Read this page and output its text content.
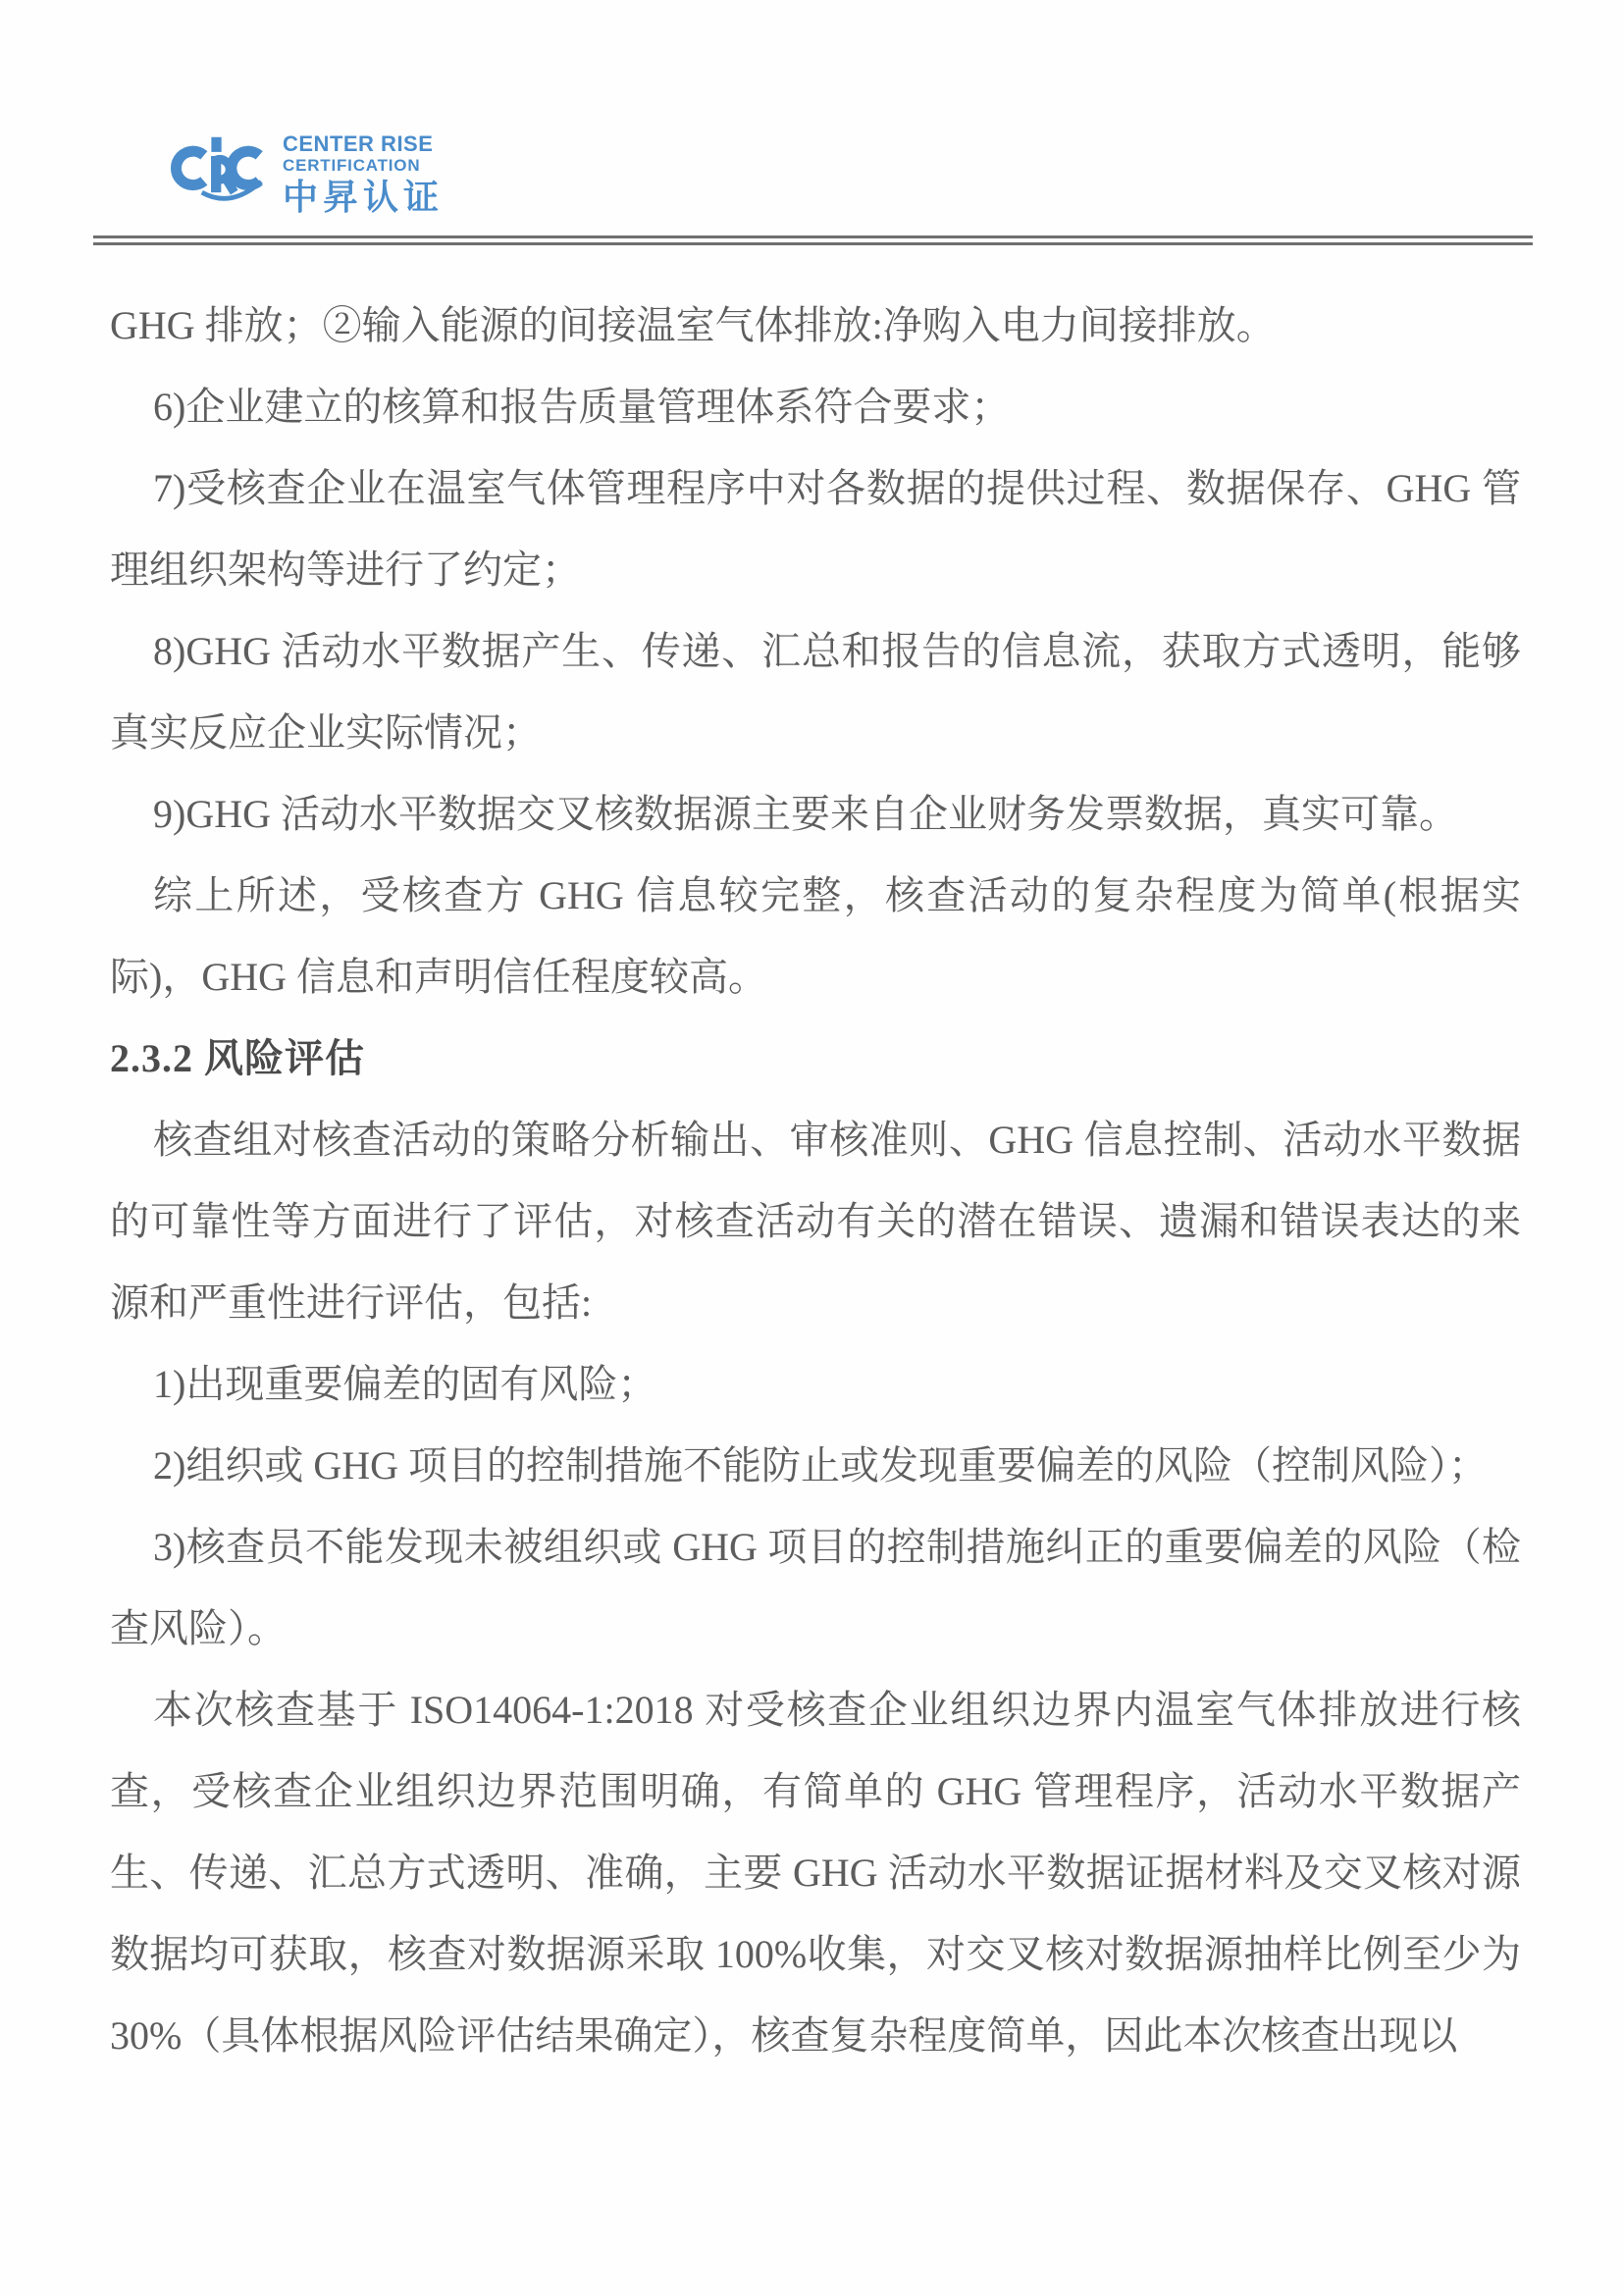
CENTER RISE
CERTIFICATION
中昇认证

GHG 排放；②输入能源的间接温室气体排放:净购入电力间接排放。

6)企业建立的核算和报告质量管理体系符合要求；

7)受核查企业在温室气体管理程序中对各数据的提供过程、数据保存、GHG 管理组织架构等进行了约定；

8)GHG 活动水平数据产生、传递、汇总和报告的信息流，获取方式透明，能够真实反应企业实际情况；

9)GHG 活动水平数据交叉核数据源主要来自企业财务发票数据，真实可靠。

综上所述，受核查方 GHG 信息较完整，核查活动的复杂程度为简单(根据实际)，GHG 信息和声明信任程度较高。

2.3.2 风险评估

核查组对核查活动的策略分析输出、审核准则、GHG 信息控制、活动水平数据的可靠性等方面进行了评估，对核查活动有关的潜在错误、遗漏和错误表达的来源和严重性进行评估，包括:

1)出现重要偏差的固有风险；

2)组织或 GHG 项目的控制措施不能防止或发现重要偏差的风险（控制风险）；

3)核查员不能发现未被组织或 GHG 项目的控制措施纠正的重要偏差的风险（检查风险）。

本次核查基于 ISO14064-1:2018 对受核查企业组织边界内温室气体排放进行核查，受核查企业组织边界范围明确，有简单的 GHG 管理程序，活动水平数据产生、传递、汇总方式透明、准确，主要 GHG 活动水平数据证据材料及交叉核对源数据均可获取，核查对数据源采取 100%收集，对交叉核对数据源抽样比例至少为 30%（具体根据风险评估结果确定），核查复杂程度简单，因此本次核查出现以
